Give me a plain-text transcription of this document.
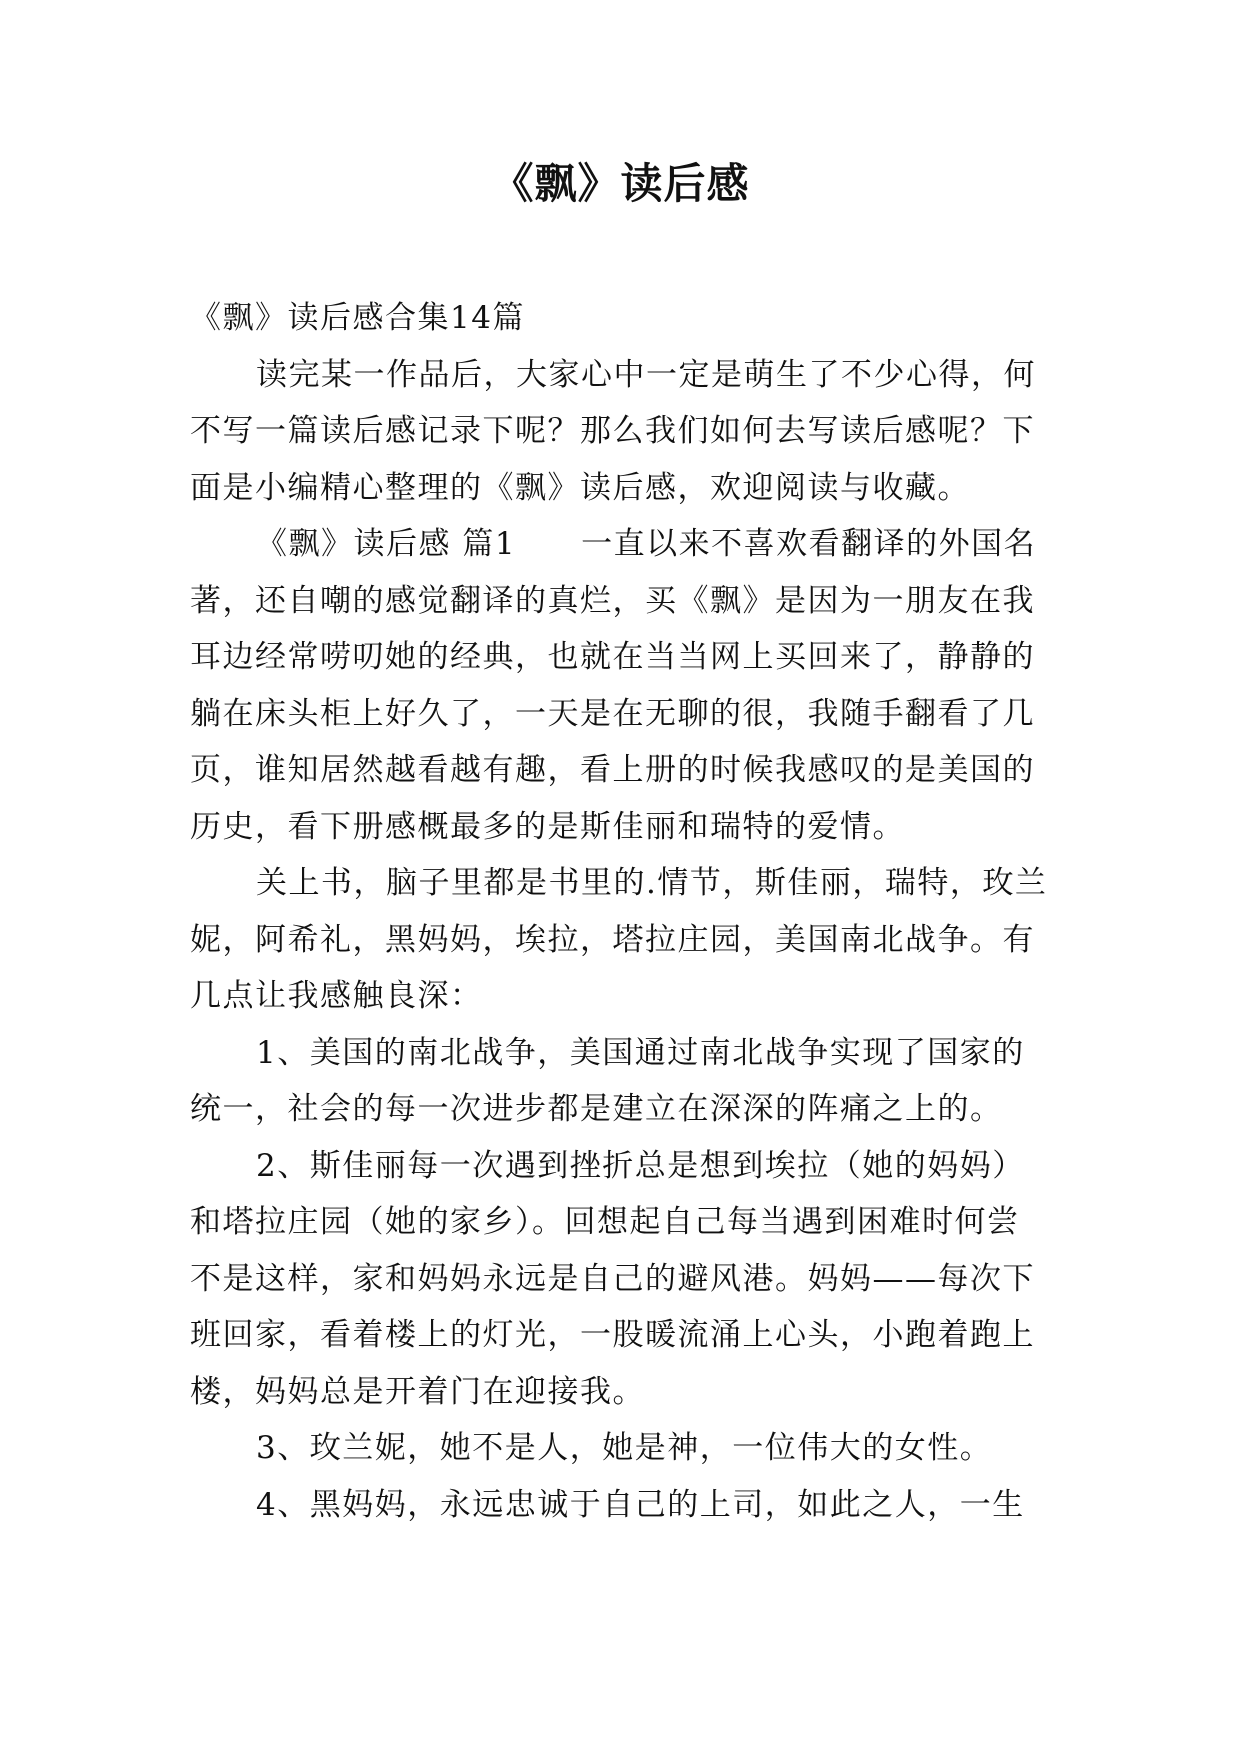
《飘》读后感

《飘》读后感合集14篇

读完某一作品后，大家心中一定是萌生了不少心得，何不写一篇读后感记录下呢？那么我们如何去写读后感呢？下面是小编精心整理的《飘》读后感，欢迎阅读与收藏。

《飘》读后感 篇1　　一直以来不喜欢看翻译的外国名著，还自嘲的感觉翻译的真烂，买《飘》是因为一朋友在我耳边经常唠叨她的经典，也就在当当网上买回来了，静静的躺在床头柜上好久了，一天是在无聊的很，我随手翻看了几页，谁知居然越看越有趣，看上册的时候我感叹的是美国的历史，看下册感概最多的是斯佳丽和瑞特的爱情。

关上书，脑子里都是书里的.情节，斯佳丽，瑞特，玫兰妮，阿希礼，黑妈妈，埃拉，塔拉庄园，美国南北战争。有几点让我感触良深：

1、美国的南北战争，美国通过南北战争实现了国家的统一，社会的每一次进步都是建立在深深的阵痛之上的。

2、斯佳丽每一次遇到挫折总是想到埃拉（她的妈妈）和塔拉庄园（她的家乡）。回想起自己每当遇到困难时何尝不是这样，家和妈妈永远是自己的避风港。妈妈——每次下班回家，看着楼上的灯光，一股暖流涌上心头，小跑着跑上楼，妈妈总是开着门在迎接我。

3、玫兰妮，她不是人，她是神，一位伟大的女性。

4、黑妈妈，永远忠诚于自己的上司，如此之人，一生
